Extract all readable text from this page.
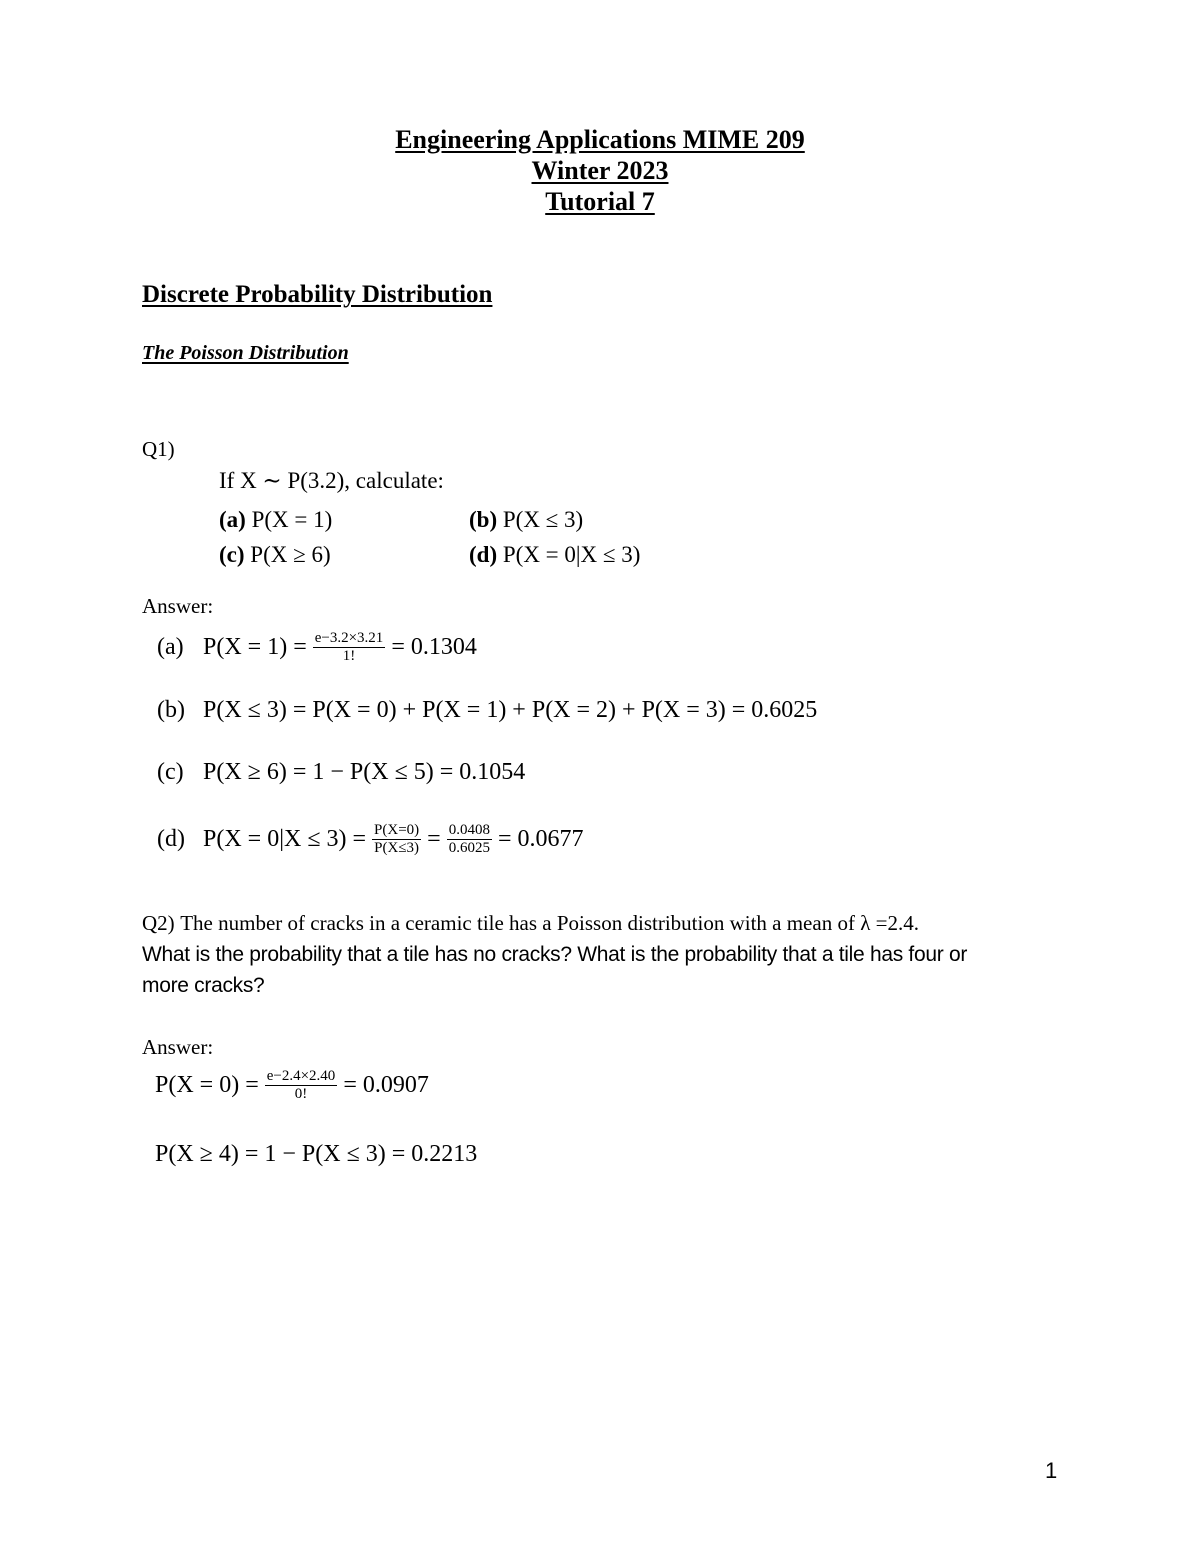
Engineering Applications MIME 209
Winter 2023
Tutorial 7
Discrete Probability Distribution
The Poisson Distribution
Q1)
If X ∼ P(3.2), calculate:
(a) P(X = 1)	(b) P(X ≤ 3)
(c) P(X ≥ 6)	(d) P(X = 0|X ≤ 3)
Answer:
(a) $P(X = 1) = \frac{e-3.2\times 3.21}{1!} = 0.1304$
(b) P(X ≤ 3) = P(X = 0) + P(X = 1) + P(X = 2) + P(X = 3) = 0.6025
(c) P(X ≥ 6) = 1 − P(X ≤ 5) = 0.1054
(d) $P(X = 0|X \le 3) = \frac{P(X=0)}{P(X\le 3)} = \frac{0.0408}{0.6025} = 0.0677$
Q2) The number of cracks in a ceramic tile has a Poisson distribution with a mean of λ =2.4.
What is the probability that a tile has no cracks? What is the probability that a tile has four or
more cracks?
Answer:
$P(X = 0) = \frac{e-2.4\times 2.40}{0!} = 0.0907$
P(X ≥ 4) = 1 − P(X ≤ 3) = 0.2213
1
